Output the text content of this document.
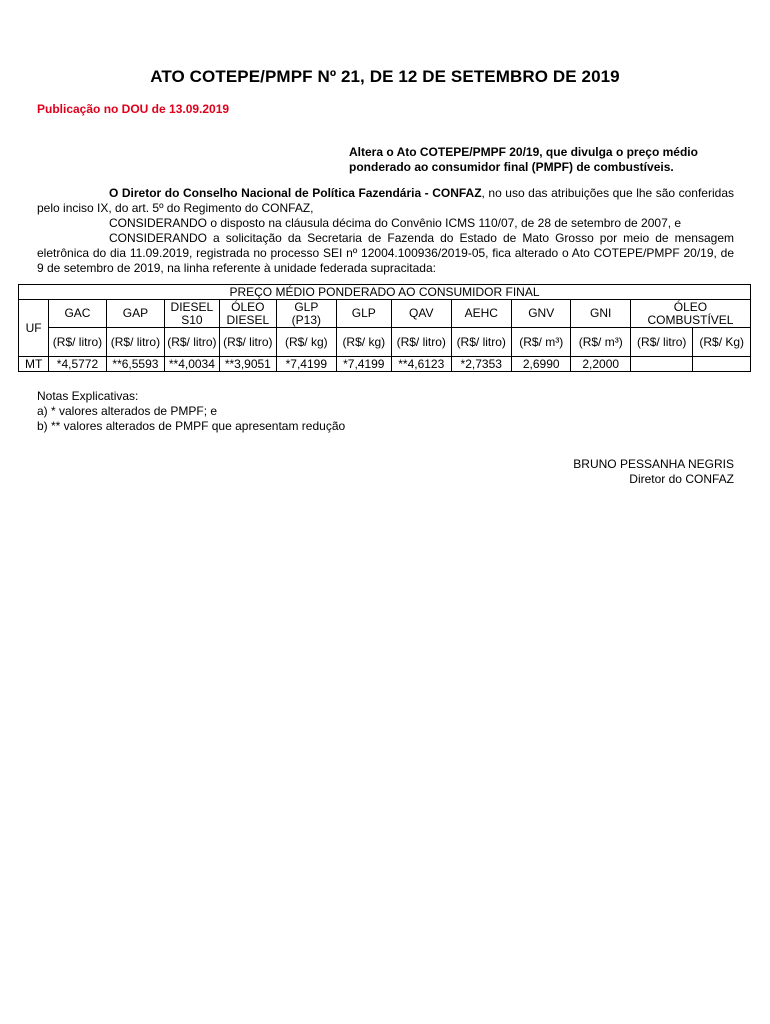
ATO COTEPE/PMPF Nº 21, DE 12 DE SETEMBRO DE 2019
Publicação no DOU de 13.09.2019
Altera o Ato COTEPE/PMPF 20/19, que divulga o preço médio ponderado ao consumidor final (PMPF) de combustíveis.
O Diretor do Conselho Nacional de Política Fazendária - CONFAZ, no uso das atribuições que lhe são conferidas pelo inciso IX, do art. 5º do Regimento do CONFAZ,
CONSIDERANDO o disposto na cláusula décima do Convênio ICMS 110/07, de 28 de setembro de 2007, e
CONSIDERANDO a solicitação da Secretaria de Fazenda do Estado de Mato Grosso por meio de mensagem eletrônica do dia 11.09.2019, registrada no processo SEI nº 12004.100936/2019-05, fica alterado o Ato COTEPE/PMPF 20/19, de 9 de setembro de 2019, na linha referente à unidade federada supracitada:
PREÇO MÉDIO PONDERADO AO CONSUMIDOR FINAL												
UF	GAC	GAP	DIESEL S10	ÓLEO DIESEL	GLP (P13)	GLP	QAV	AEHC	GNV	GNI	ÓLEO COMBUSTÍVEL	
	(R$/ litro)	(R$/ litro)	(R$/ litro)	(R$/ litro)	(R$/ kg)	(R$/ kg)	(R$/ litro)	(R$/ litro)	(R$/ m³)	(R$/ m³)	(R$/ litro)	(R$/ Kg)
MT	*4,5772	**6,5593	**4,0034	**3,9051	*7,4199	*7,4199	**4,6123	*2,7353	2,6990	2,2000		
Notas Explicativas:
a) * valores alterados de PMPF; e
b) ** valores alterados de PMPF que apresentam redução
BRUNO PESSANHA NEGRIS
Diretor do CONFAZ
